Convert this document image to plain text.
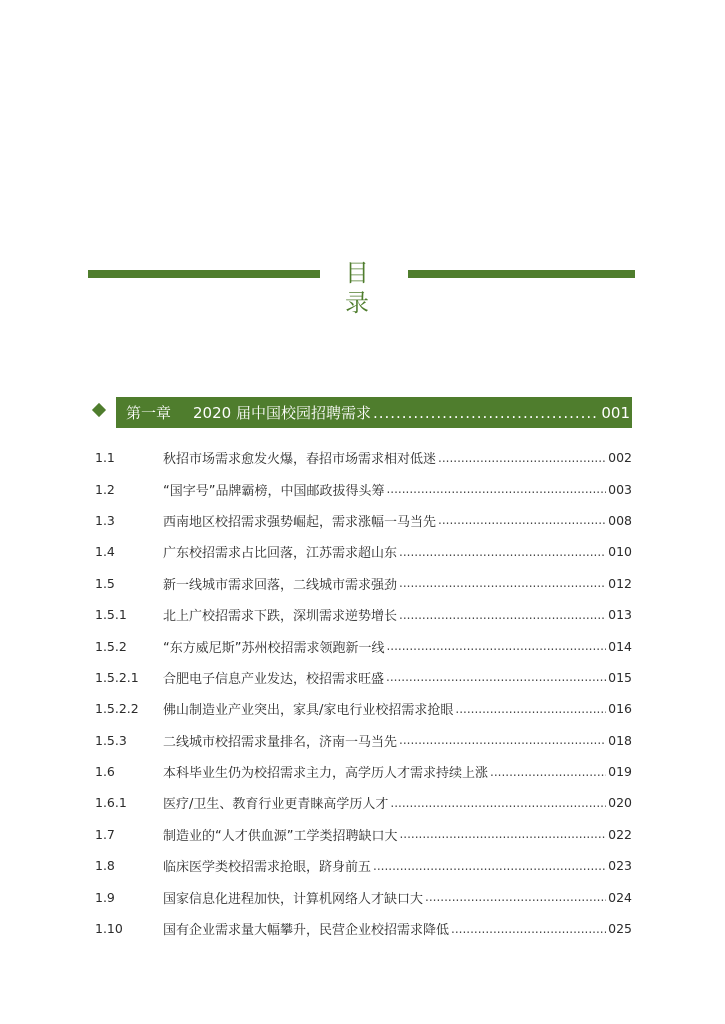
目录
第一章 2020 届中国校园招聘需求 .....	001
1.1	秋招市场需求愈发火爆，春招市场需求相对低迷 .....	002
1.2	“国字号”品牌霸榜，中国邮政拔得头筹 .....	003
1.3	西南地区校招需求强势崛起，需求涨幅一马当先 .....	008
1.4	广东校招需求占比回落，江苏需求超山东 .....	010
1.5	新一线城市需求回落，二线城市需求强劲 .....	012
1.5.1	北上广校招需求下跌，深圳需求逆势增长 .....	013
1.5.2	“东方威尼斯”苏州校招需求领跑新一线 .....	014
1.5.2.1	合肥电子信息产业发达，校招需求旺盛 .....	015
1.5.2.2	佛山制造业产业突出，家具/家电行业校招需求抢眼 .....	016
1.5.3	二线城市校招需求量排名，济南一马当先 .....	018
1.6	本科毕业生仍为校招需求主力，高学历人才需求持续上涨 .....	019
1.6.1	医疗/卫生、教育行业更青睐高学历人才 .....	020
1.7	制造业的“人才供血源”工学类招聘缺口大 .....	022
1.8	临床医学类校招需求抢眼，跻身前五 .....	023
1.9	国家信息化进程加快，计算机网络人才缺口大 .....	024
1.10	国有企业需求量大幅攀升，民营企业校招需求降低 .....	025
